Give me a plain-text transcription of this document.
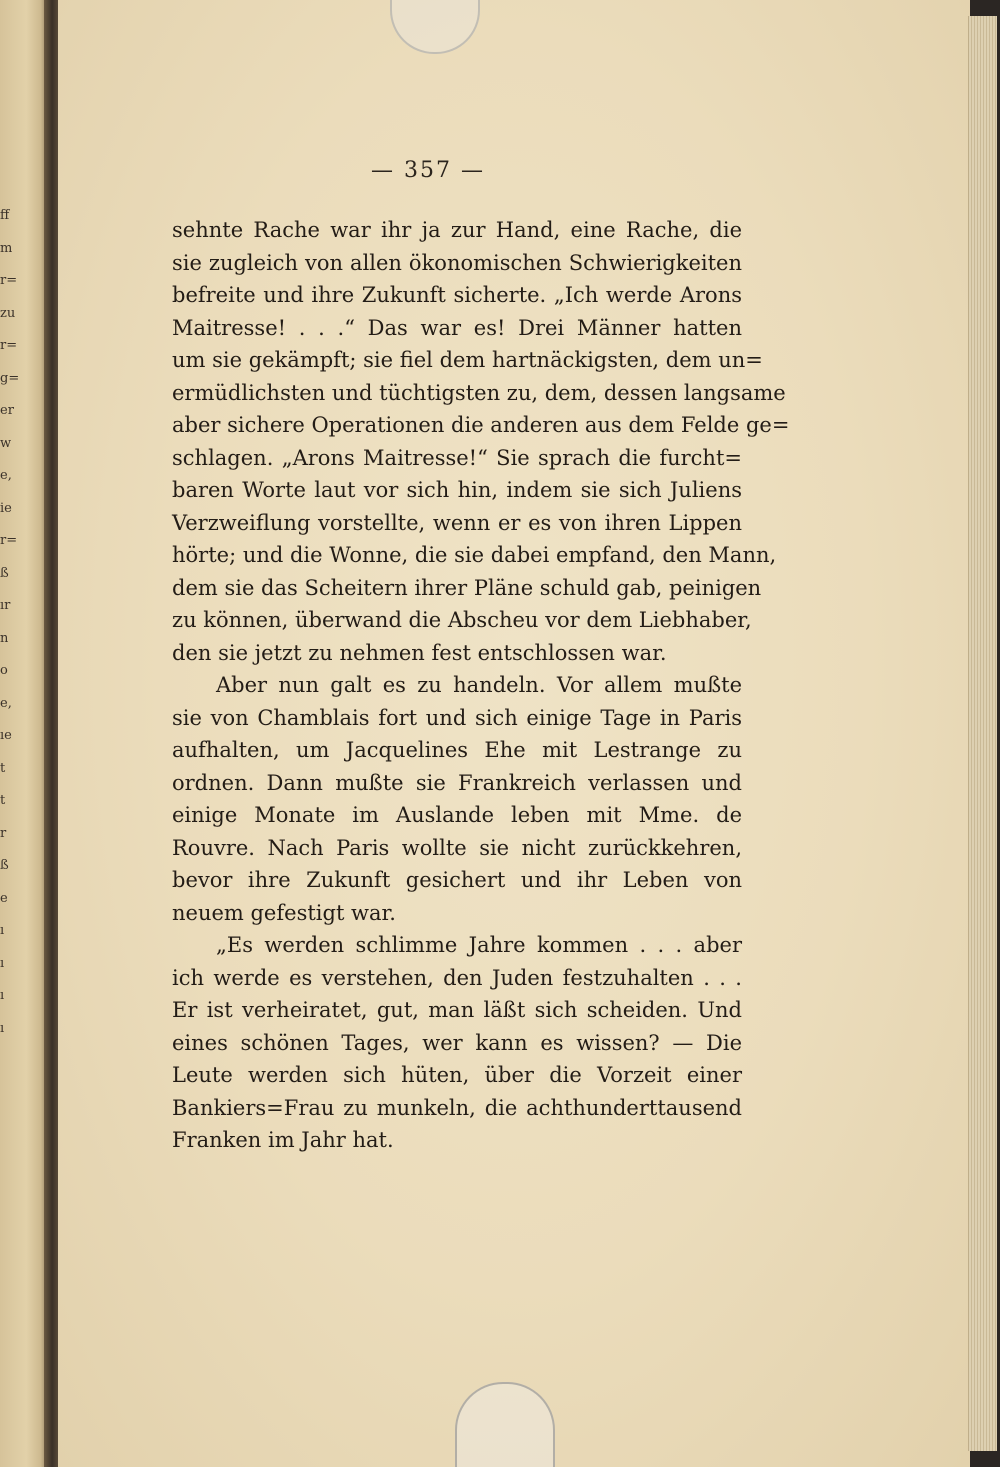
ff
m
r=
zu
r=
g=
er
w
e,
ie
r=
ß
ır
n
o
e,
ıe
t
t
r
ß
e
ı
ı
ı
ı
— 357 —
sehnte Rache war ihr ja zur Hand, eine Rache, die
sie zugleich von allen ökonomischen Schwierigkeiten
befreite und ihre Zukunft sicherte. „Ich werde Arons
Maitresse! . . .“ Das war es! Drei Männer hatten
um sie gekämpft; sie fiel dem hartnäckigsten, dem un=
ermüdlichsten und tüchtigsten zu, dem, dessen langsame
aber sichere Operationen die anderen aus dem Felde ge=
schlagen. „Arons Maitresse!“ Sie sprach die furcht=
baren Worte laut vor sich hin, indem sie sich Juliens
Verzweiflung vorstellte, wenn er es von ihren Lippen
hörte; und die Wonne, die sie dabei empfand, den Mann,
dem sie das Scheitern ihrer Pläne schuld gab, peinigen
zu können, überwand die Abscheu vor dem Liebhaber,
den sie jetzt zu nehmen fest entschlossen war.
Aber nun galt es zu handeln. Vor allem mußte
sie von Chamblais fort und sich einige Tage in Paris
aufhalten, um Jacquelines Ehe mit Lestrange zu
ordnen. Dann mußte sie Frankreich verlassen und
einige Monate im Auslande leben mit Mme. de
Rouvre. Nach Paris wollte sie nicht zurückkehren,
bevor ihre Zukunft gesichert und ihr Leben von
neuem gefestigt war.
„Es werden schlimme Jahre kommen . . . aber
ich werde es verstehen, den Juden festzuhalten . . .
Er ist verheiratet, gut, man läßt sich scheiden. Und
eines schönen Tages, wer kann es wissen? — Die
Leute werden sich hüten, über die Vorzeit einer
Bankiers=Frau zu munkeln, die achthunderttausend
Franken im Jahr hat.
